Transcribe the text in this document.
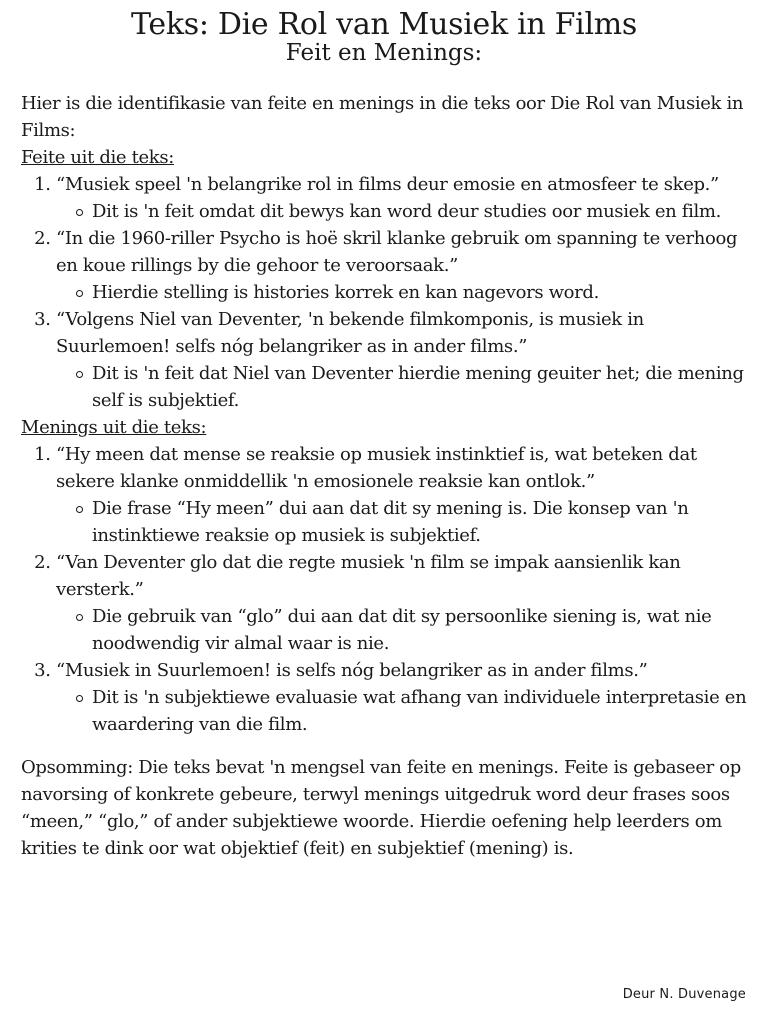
Teks: Die Rol van Musiek in Films
Feit en Menings:

Hier is die identifikasie van feite en menings in die teks oor Die Rol van Musiek in Films:

Feite uit die teks:

1. “Musiek speel 'n belangrike rol in films deur emosie en atmosfeer te skep.”
Dit is 'n feit omdat dit bewys kan word deur studies oor musiek en film.
2. “In die 1960-riller Psycho is hoë skril klanke gebruik om spanning te verhoog en koue rillings by die gehoor te veroorsaak.”
Hierdie stelling is histories korrek en kan nagevors word.
3. “Volgens Niel van Deventer, 'n bekende filmkomponis, is musiek in Suurlemoen! selfs nóg belangriker as in ander films.”
Dit is 'n feit dat Niel van Deventer hierdie mening geuiter het; die mening self is subjektief.

Menings uit die teks:

1. “Hy meen dat mense se reaksie op musiek instinktief is, wat beteken dat sekere klanke onmiddellik 'n emosionele reaksie kan ontlok.”
Die frase “Hy meen” dui aan dat dit sy mening is. Die konsep van 'n instinktiewe reaksie op musiek is subjektief.
2. “Van Deventer glo dat die regte musiek 'n film se impak aansienlik kan versterk.”
Die gebruik van “glo” dui aan dat dit sy persoonlike siening is, wat nie noodwendig vir almal waar is nie.
3. “Musiek in Suurlemoen! is selfs nóg belangriker as in ander films.”
Dit is 'n subjektiewe evaluasie wat afhang van individuele interpretasie en waardering van die film.

Opsomming: Die teks bevat 'n mengsel van feite en menings. Feite is gebaseer op navorsing of konkrete gebeure, terwyl menings uitgedruk word deur frases soos “meen,” “glo,” of ander subjektiewe woorde. Hierdie oefening help leerders om krities te dink oor wat objektief (feit) en subjektief (mening) is.

Deur N. Duvenage
